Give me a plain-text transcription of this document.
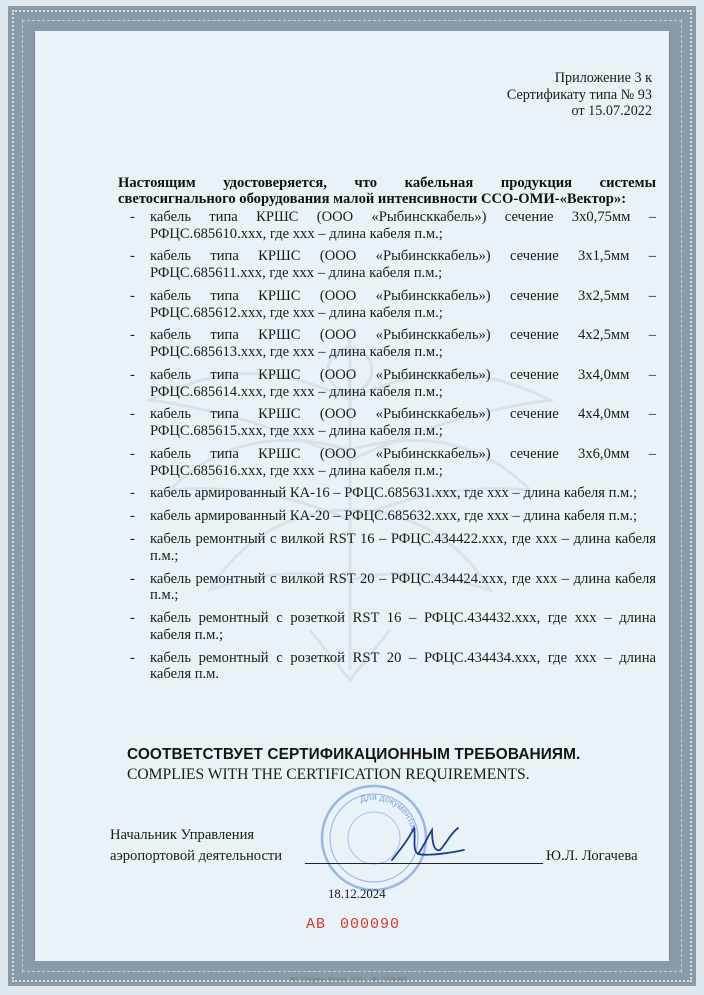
Приложение 3 к
Сертификату типа № 93
от 15.07.2022
Настоящим удостоверяется, что кабельная продукция системы светосигнального оборудования малой интенсивности ССО-ОМИ-«Вектор»:
- кабель типа КРШС (ООО «Рыбинсккабель») сечение 3х0,75мм – РФЦС.685610.ххх, где ххх – длина кабеля п.м.;
- кабель типа КРШС (ООО «Рыбинсккабель») сечение 3х1,5мм – РФЦС.685611.ххх, где ххх – длина кабеля п.м.;
- кабель типа КРШС (ООО «Рыбинсккабель») сечение 3х2,5мм – РФЦС.685612.ххх, где ххх – длина кабеля п.м.;
- кабель типа КРШС (ООО «Рыбинсккабель») сечение 4х2,5мм – РФЦС.685613.ххх, где ххх – длина кабеля п.м.;
- кабель типа КРШС (ООО «Рыбинсккабель») сечение 3х4,0мм – РФЦС.685614.ххх, где ххх – длина кабеля п.м.;
- кабель типа КРШС (ООО «Рыбинсккабель») сечение 4х4,0мм – РФЦС.685615.ххх, где ххх – длина кабеля п.м.;
- кабель типа КРШС (ООО «Рыбинсккабель») сечение 3х6,0мм – РФЦС.685616.ххх, где ххх – длина кабеля п.м.;
- кабель армированный КА-16 – РФЦС.685631.ххх, где ххх – длина кабеля п.м.;
- кабель армированный КА-20 – РФЦС.685632.ххх, где ххх – длина кабеля п.м.;
- кабель ремонтный с вилкой RST 16 – РФЦС.434422.ххх, где ххх – длина кабеля п.м.;
- кабель ремонтный с вилкой RST 20 – РФЦС.434424.ххх, где ххх – длина кабеля п.м.;
- кабель ремонтный с розеткой RST 16 – РФЦС.434432.ххх, где ххх – длина кабеля п.м.;
- кабель ремонтный с розеткой RST 20 – РФЦС.434434.ххх, где ххх – длина кабеля п.м.
СООТВЕТСТВУЕТ СЕРТИФИКАЦИОННЫМ ТРЕБОВАНИЯМ.
COMPLIES WITH THE CERTIFICATION REQUIREMENTS.
Для документов
Начальник Управления
аэропортовой деятельности	Ю.Л. Логачева
18.12.2024
АВ 000090
АО «Опцион», Москва, 2020 г., «В», ТЗ № 522
